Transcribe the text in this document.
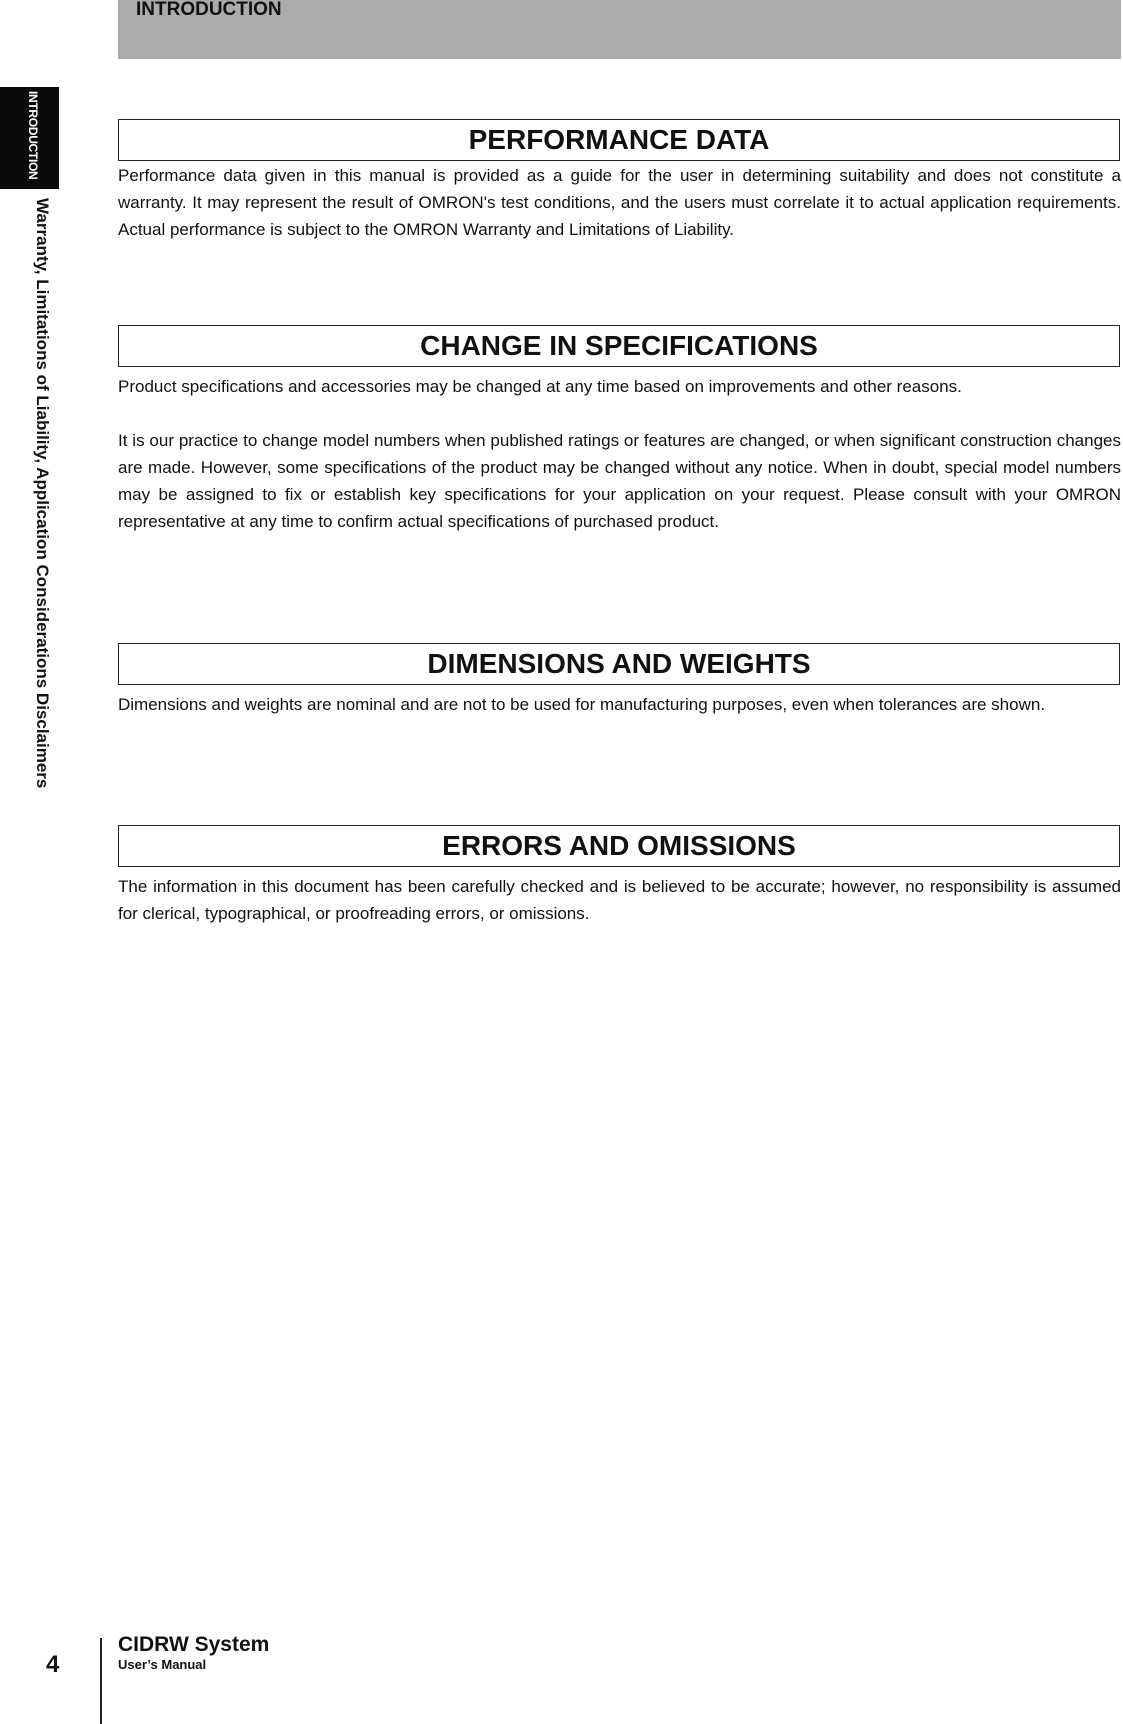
INTRODUCTION
INTRODUCTION
Warranty, Limitations of Liability, Application Considerations Disclaimers
PERFORMANCE DATA

Performance data given in this manual is provided as a guide for the user in determining suitability and does not constitute a warranty. It may represent the result of OMRON's test conditions, and the users must correlate it to actual application requirements. Actual performance is subject to the OMRON Warranty and Limitations of Liability.

CHANGE IN SPECIFICATIONS

Product specifications and accessories may be changed at any time based on improvements and other reasons.

It is our practice to change model numbers when published ratings or features are changed, or when significant construction changes are made. However, some specifications of the product may be changed without any notice. When in doubt, special model numbers may be assigned to fix or establish key specifications for your application on your request. Please consult with your OMRON representative at any time to confirm actual specifications of purchased product.

DIMENSIONS AND WEIGHTS

Dimensions and weights are nominal and are not to be used for manufacturing purposes, even when tolerances are shown.

ERRORS AND OMISSIONS

The information in this document has been carefully checked and is believed to be accurate; however, no responsibility is assumed for clerical, typographical, or proofreading errors, or omissions.

4
CIDRW System
User’s Manual
